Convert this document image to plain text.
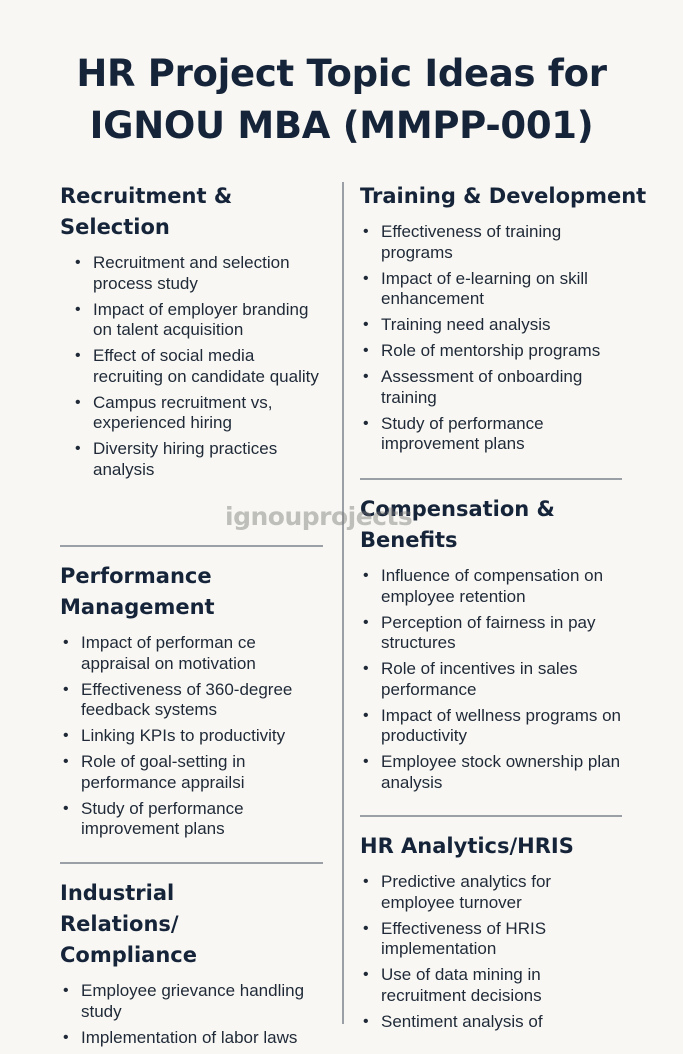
HR Project Topic Ideas for
IGNOU MBA (MMPP-001)
Recruitment & Selection
• Recruitment and selection process study
• Impact of employer branding on talent acquisition
• Effect of social media recruiting on candidate quality
• Campus recruitment vs, experienced hiring
• Diversity hiring practices analysis
Performance Management
• Impact of performan ce appraisal on motivation
• Effectiveness of 360-degree feedback systems
• Linking KPIs to productivity
• Role of goal-setting in performance apprailsi
• Study of performance improvement plans
Industrial Relations/ Compliance
• Employee grievance handling study
• Implementation of labor laws
Training & Development
• Effectiveness of training programs
• Impact of e-learning on skill enhancement
• Training need analysis
• Role of mentorship programs
• Assessment of onboarding training
• Study of performance improvement plans
Compensation & Benefits
• Influence of compensation on employee retention
• Perception of fairness in pay structures
• Role of incentives in sales performance
• Impact of wellness programs on productivity
• Employee stock ownership plan analysis
HR Analytics/HRIS
• Predictive analytics for employee turnover
• Effectiveness of HRIS implementation
• Use of data mining in recruitment decisions
• Sentiment analysis of
ignouprojects
